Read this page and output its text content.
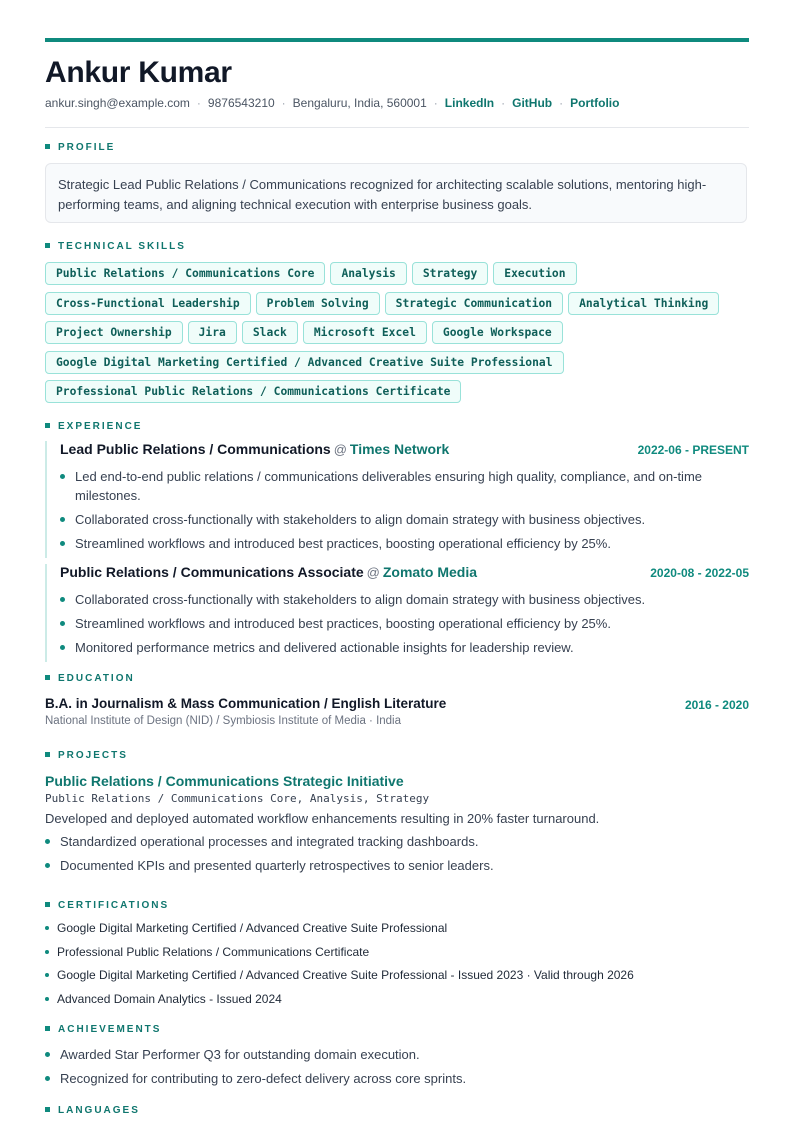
Ankur Kumar
ankur.singh@example.com · 9876543210 · Bengaluru, India, 560001 · LinkedIn · GitHub · Portfolio
PROFILE
Strategic Lead Public Relations / Communications recognized for architecting scalable solutions, mentoring high-performing teams, and aligning technical execution with enterprise business goals.
TECHNICAL SKILLS
Public Relations / Communications Core Analysis Strategy Execution
Cross-Functional Leadership Problem Solving Strategic Communication Analytical Thinking
Project Ownership Jira Slack Microsoft Excel Google Workspace
Google Digital Marketing Certified / Advanced Creative Suite Professional
Professional Public Relations / Communications Certificate
EXPERIENCE
Lead Public Relations / Communications @ Times Network	2022-06 - PRESENT
Led end-to-end public relations / communications deliverables ensuring high quality, compliance, and on-time milestones.
Collaborated cross-functionally with stakeholders to align domain strategy with business objectives.
Streamlined workflows and introduced best practices, boosting operational efficiency by 25%.
Public Relations / Communications Associate @ Zomato Media	2020-08 - 2022-05
Collaborated cross-functionally with stakeholders to align domain strategy with business objectives.
Streamlined workflows and introduced best practices, boosting operational efficiency by 25%.
Monitored performance metrics and delivered actionable insights for leadership review.
EDUCATION
B.A. in Journalism & Mass Communication / English Literature	2016 - 2020
National Institute of Design (NID) / Symbiosis Institute of Media · India
PROJECTS
Public Relations / Communications Strategic Initiative
Public Relations / Communications Core, Analysis, Strategy
Developed and deployed automated workflow enhancements resulting in 20% faster turnaround.
Standardized operational processes and integrated tracking dashboards.
Documented KPIs and presented quarterly retrospectives to senior leaders.
CERTIFICATIONS
Google Digital Marketing Certified / Advanced Creative Suite Professional
Professional Public Relations / Communications Certificate
Google Digital Marketing Certified / Advanced Creative Suite Professional - Issued 2023 · Valid through 2026
Advanced Domain Analytics - Issued 2024
ACHIEVEMENTS
Awarded Star Performer Q3 for outstanding domain execution.
Recognized for contributing to zero-defect delivery across core sprints.
LANGUAGES
